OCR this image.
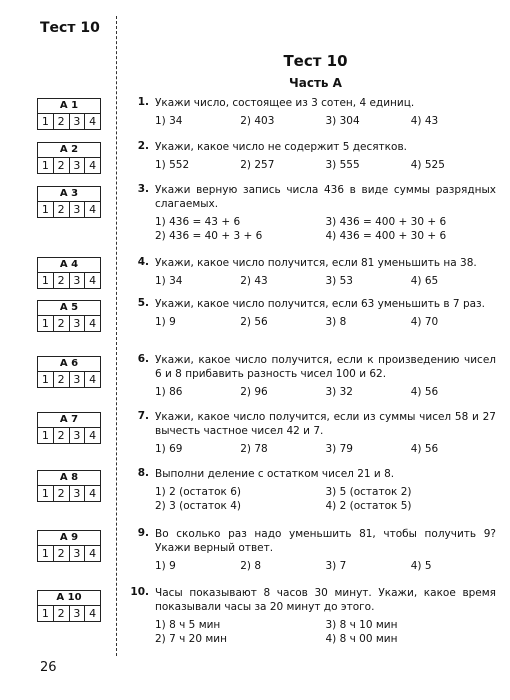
Тест 10
Тест 10
Часть А
А 1
1 2 3 4
А 2
1 2 3 4
А 3
1 2 3 4
А 4
1 2 3 4
А 5
1 2 3 4
А 6
1 2 3 4
А 7
1 2 3 4
А 8
1 2 3 4
А 9
1 2 3 4
А 10
1 2 3 4
1. Укажи число, состоящее из 3 сотен, 4 единиц.
1) 34	2) 403	3) 304	4) 43
2. Укажи, какое число не содержит 5 десятков.
1) 552	2) 257	3) 555	4) 525
3. Укажи верную запись числа 436 в виде суммы разрядных слагаемых.
1) 436 = 43 + 6	3) 436 = 400 + 30 + 6
2) 436 = 40 + 3 + 6	4) 436 = 400 + 30 + 6
4. Укажи, какое число получится, если 81 уменьшить на 38.
1) 34	2) 43	3) 53	4) 65
5. Укажи, какое число получится, если 63 уменьшить в 7 раз.
1) 9	2) 56	3) 8	4) 70
6. Укажи, какое число получится, если к произведению чисел 6 и 8 прибавить разность чисел 100 и 62.
1) 86	2) 96	3) 32	4) 56
7. Укажи, какое число получится, если из суммы чисел 58 и 27 вычесть частное чисел 42 и 7.
1) 69	2) 78	3) 79	4) 56
8. Выполни деление с остатком чисел 21 и 8.
1) 2 (остаток 6)	3) 5 (остаток 2)
2) 3 (остаток 4)	4) 2 (остаток 5)
9. Во сколько раз надо уменьшить 81, чтобы получить 9? Укажи верный ответ.
1) 9	2) 8	3) 7	4) 5
10. Часы показывают 8 часов 30 минут. Укажи, какое время показывали часы за 20 минут до этого.
1) 8 ч 5 мин	3) 8 ч 10 мин
2) 7 ч 20 мин	4) 8 ч 00 мин
26
